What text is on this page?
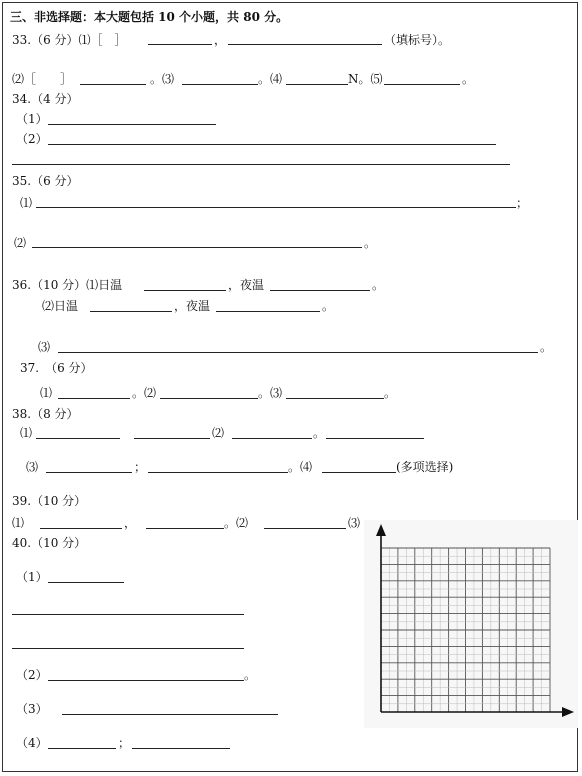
三、非选择题：本大题包括 10 个小题，共 80 分。
33.（6 分）⑴［　］	，	（填标号）。
⑵［　　］	。⑶	。⑷	N。⑸	。
34.（4 分）
（1）
（2）
35.（6 分）
⑴	；
⑵	。
36.（10 分）⑴日温	，夜温	。
⑵日温	，夜温	。
⑶	。
37.　（6 分）
⑴	。⑵	。⑶	。
38.（8 分）
⑴	⑵	。
⑶	；	。⑷	(多项选择)
39.（10 分）
⑴	，	。⑵	⑶
40.（10 分）
（1）
（2）	。
（3）
（4）	；
